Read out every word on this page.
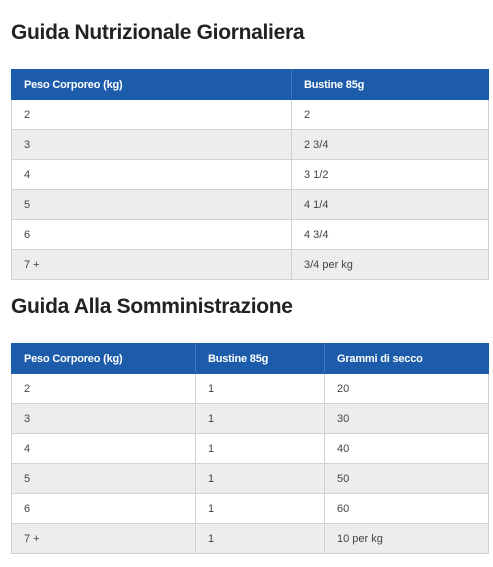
Guida Nutrizionale Giornaliera
Peso Corporeo (kg)	Bustine 85g
2	2
3	2 3/4
4	3 1/2
5	4 1/4
6	4 3/4
7 +	3/4 per kg
Guida Alla Somministrazione
Peso Corporeo (kg)	Bustine 85g	Grammi di secco
2	1	20
3	1	30
4	1	40
5	1	50
6	1	60
7 +	1	10 per kg
